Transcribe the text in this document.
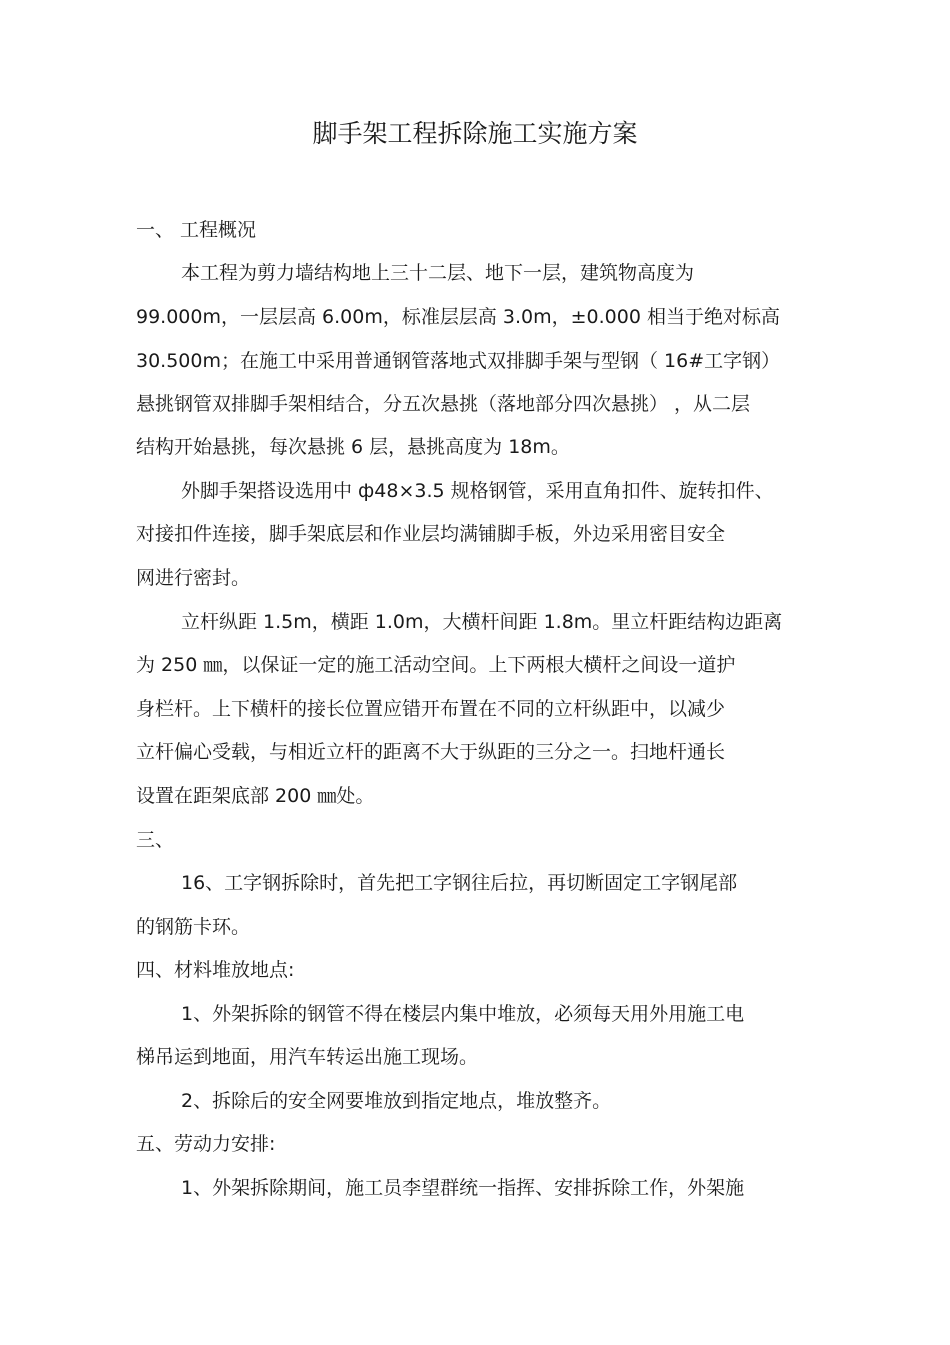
脚手架工程拆除施工实施方案
一、 工程概况
本工程为剪力墙结构地上三十二层、地下一层，建筑物高度为
99.000m，一层层高 6.00m，标准层层高 3.0m，±0.000 相当于绝对标高
30.500m；在施工中采用普通钢管落地式双排脚手架与型钢（ 16#工字钢）
悬挑钢管双排脚手架相结合，分五次悬挑（落地部分四次悬挑） ，从二层
结构开始悬挑，每次悬挑 6 层，悬挑高度为 18m。
外脚手架搭设选用中 ф48×3.5 规格钢管，采用直角扣件、旋转扣件、
对接扣件连接，脚手架底层和作业层均满铺脚手板，外边采用密目安全
网进行密封。
立杆纵距 1.5m，横距 1.0m，大横杆间距 1.8m。里立杆距结构边距离
为 250 ㎜，以保证一定的施工活动空间。上下两根大横杆之间设一道护
身栏杆。上下横杆的接长位置应错开布置在不同的立杆纵距中，以减少
立杆偏心受载，与相近立杆的距离不大于纵距的三分之一。扫地杆通长
设置在距架底部 200 ㎜处。
三、
16、工字钢拆除时，首先把工字钢往后拉，再切断固定工字钢尾部
的钢筋卡环。
四、材料堆放地点:
1、外架拆除的钢管不得在楼层内集中堆放，必须每天用外用施工电
梯吊运到地面，用汽车转运出施工现场。
2、拆除后的安全网要堆放到指定地点，堆放整齐。
五、劳动力安排:
1、外架拆除期间，施工员李望群统一指挥、安排拆除工作，外架施
